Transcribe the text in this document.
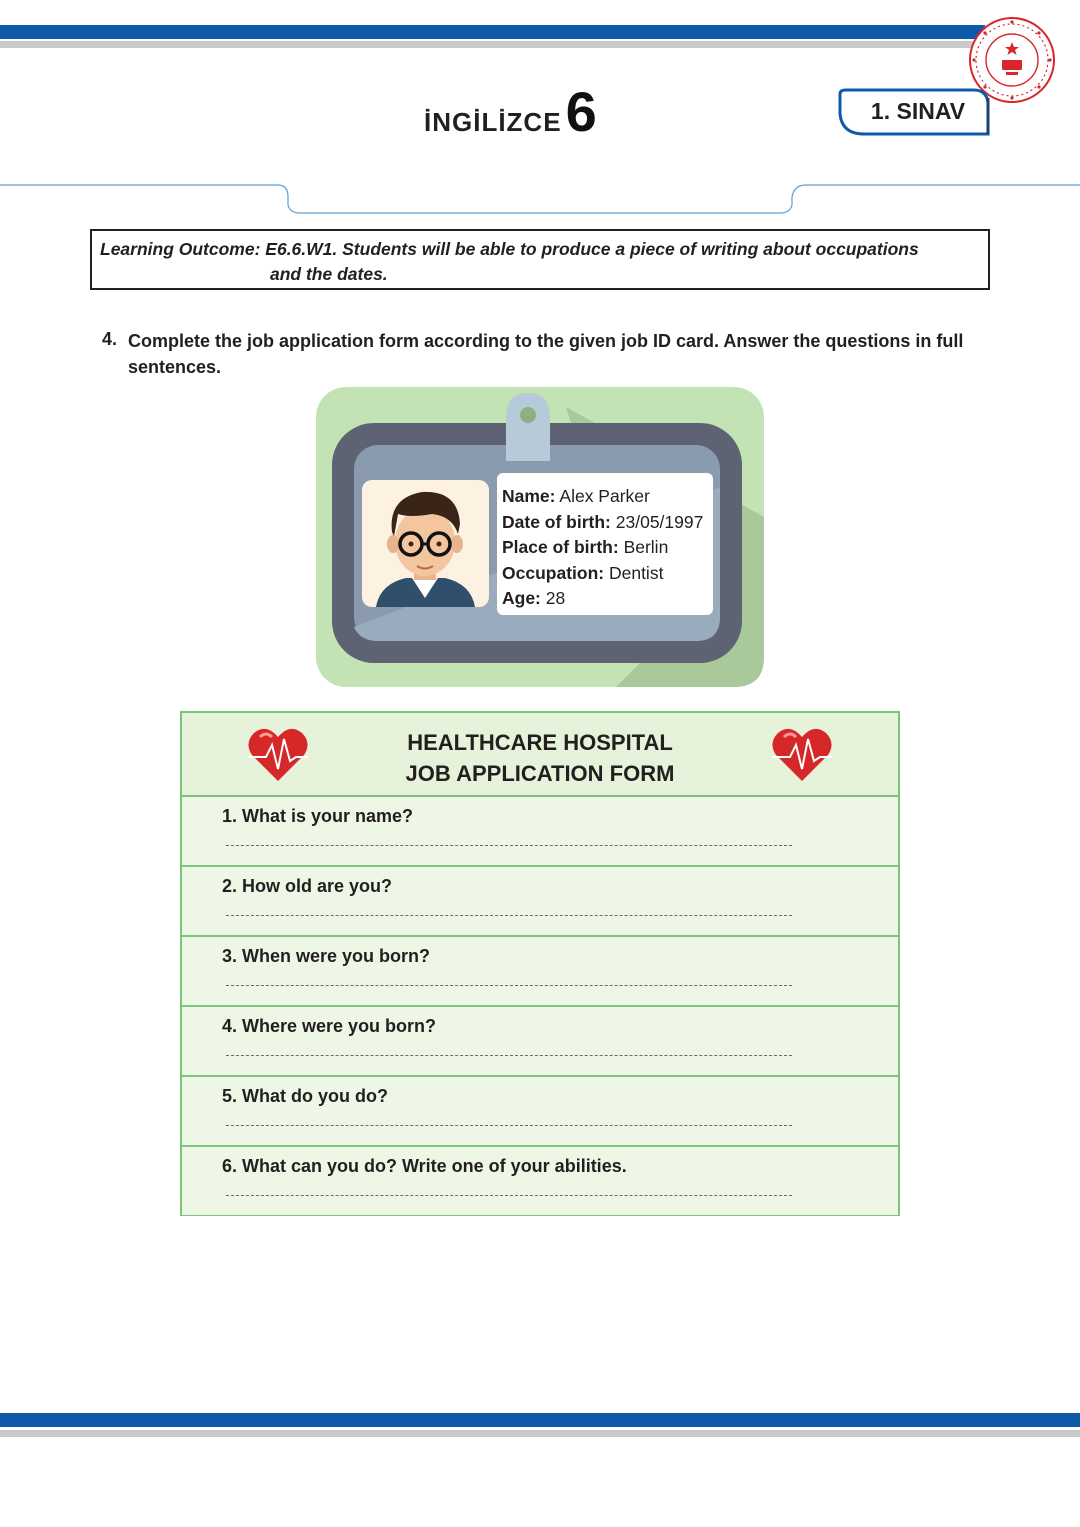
İNGİLİZCE 6	1. SINAV
Learning Outcome: E6.6.W1. Students will be able to produce a piece of writing about occupations
and the dates.
4. Complete the job application form according to the given job ID card. Answer the questions in full sentences.
Name: Alex Parker
Date of birth: 23/05/1997
Place of birth: Berlin
Occupation: Dentist
Age: 28
HEALTHCARE HOSPITAL
JOB APPLICATION FORM
1. What is your name?
2. How old are you?
3. When were you born?
4. Where were you born?
5. What do you do?
6. What can you do? Write one of your abilities.
